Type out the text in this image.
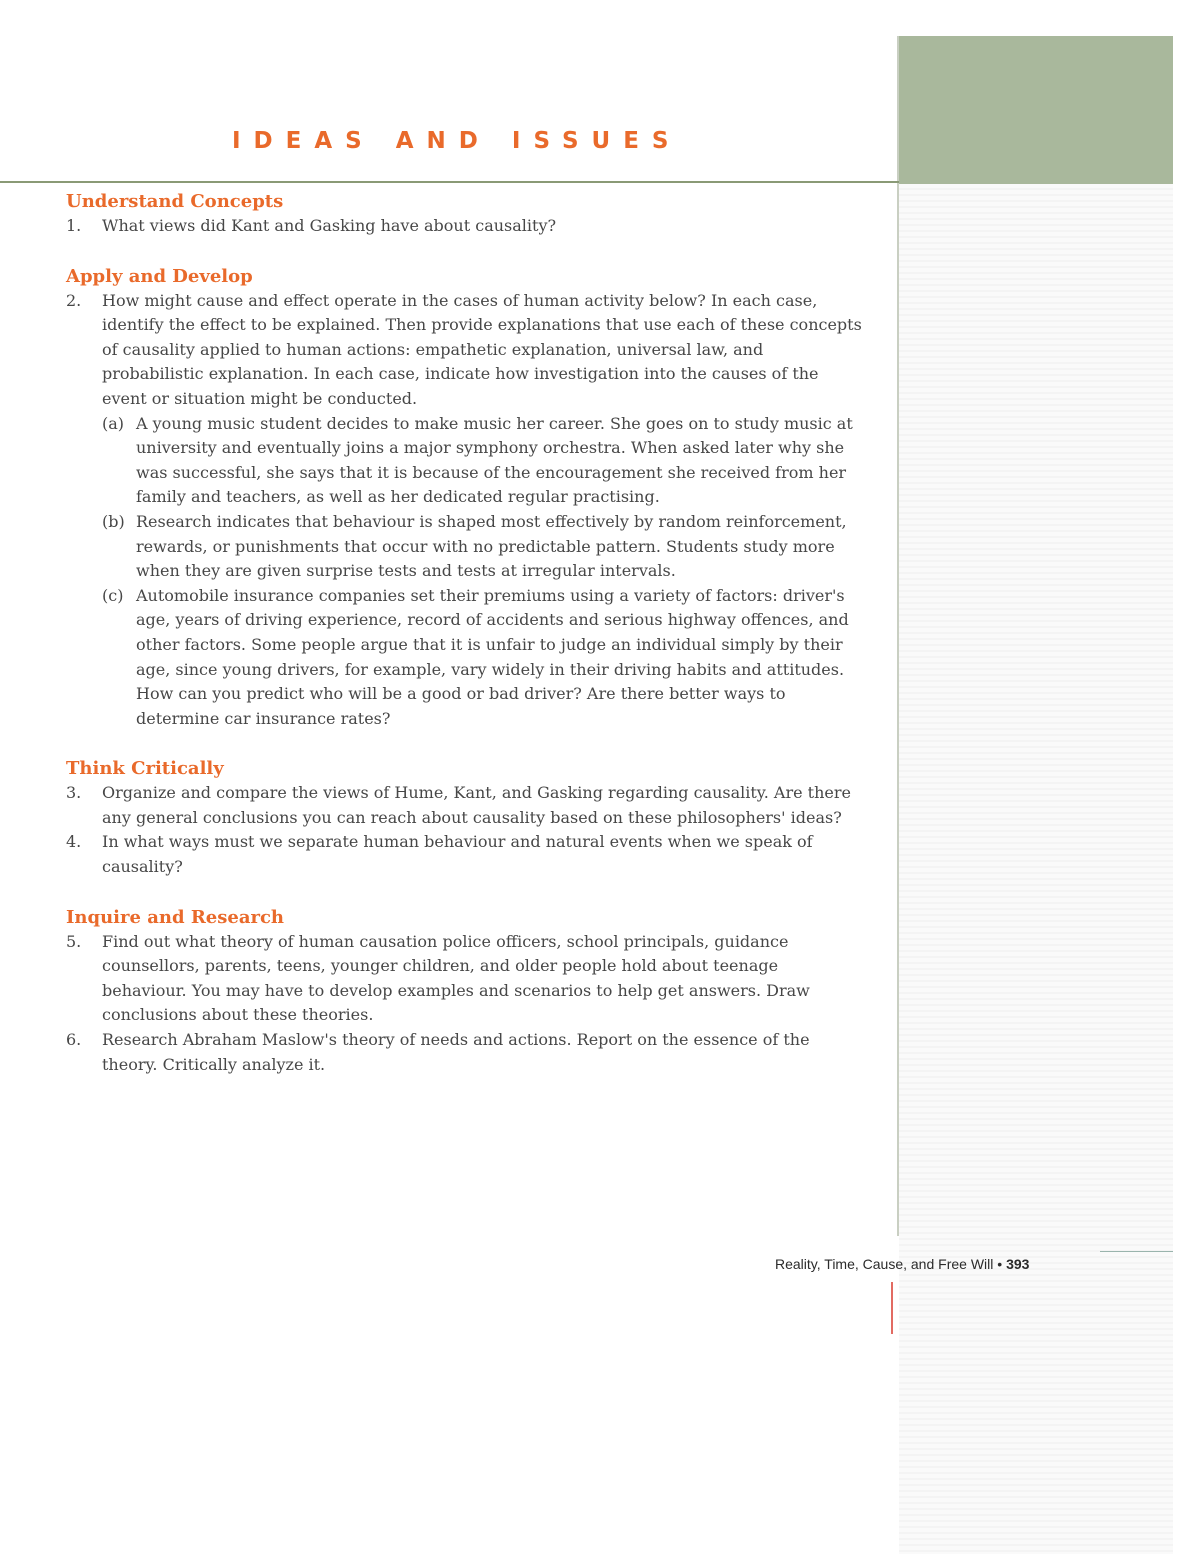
IDEAS AND ISSUES
Understand Concepts
1.	What views did Kant and Gasking have about causality?
Apply and Develop
2.	How might cause and effect operate in the cases of human activity below? In each case, identify the effect to be explained. Then provide explanations that use each of these concepts of causality applied to human actions: empathetic explanation, universal law, and probabilistic explanation. In each case, indicate how investigation into the causes of the event or situation might be conducted.
(a) A young music student decides to make music her career. She goes on to study music at university and eventually joins a major symphony orchestra. When asked later why she was successful, she says that it is because of the encouragement she received from her family and teachers, as well as her dedicated regular practising.
(b) Research indicates that behaviour is shaped most effectively by random reinforcement, rewards, or punishments that occur with no predictable pattern. Students study more when they are given surprise tests and tests at irregular intervals.
(c) Automobile insurance companies set their premiums using a variety of factors: driver's age, years of driving experience, record of accidents and serious highway offences, and other factors. Some people argue that it is unfair to judge an individual simply by their age, since young drivers, for example, vary widely in their driving habits and attitudes. How can you predict who will be a good or bad driver? Are there better ways to determine car insurance rates?
Think Critically
3.	Organize and compare the views of Hume, Kant, and Gasking regarding causality. Are there any general conclusions you can reach about causality based on these philosophers' ideas?
4.	In what ways must we separate human behaviour and natural events when we speak of causality?
Inquire and Research
5.	Find out what theory of human causation police officers, school principals, guidance counsellors, parents, teens, younger children, and older people hold about teenage behaviour. You may have to develop examples and scenarios to help get answers. Draw conclusions about these theories.
6.	Research Abraham Maslow's theory of needs and actions. Report on the essence of the theory. Critically analyze it.
Reality, Time, Cause, and Free Will • 393
